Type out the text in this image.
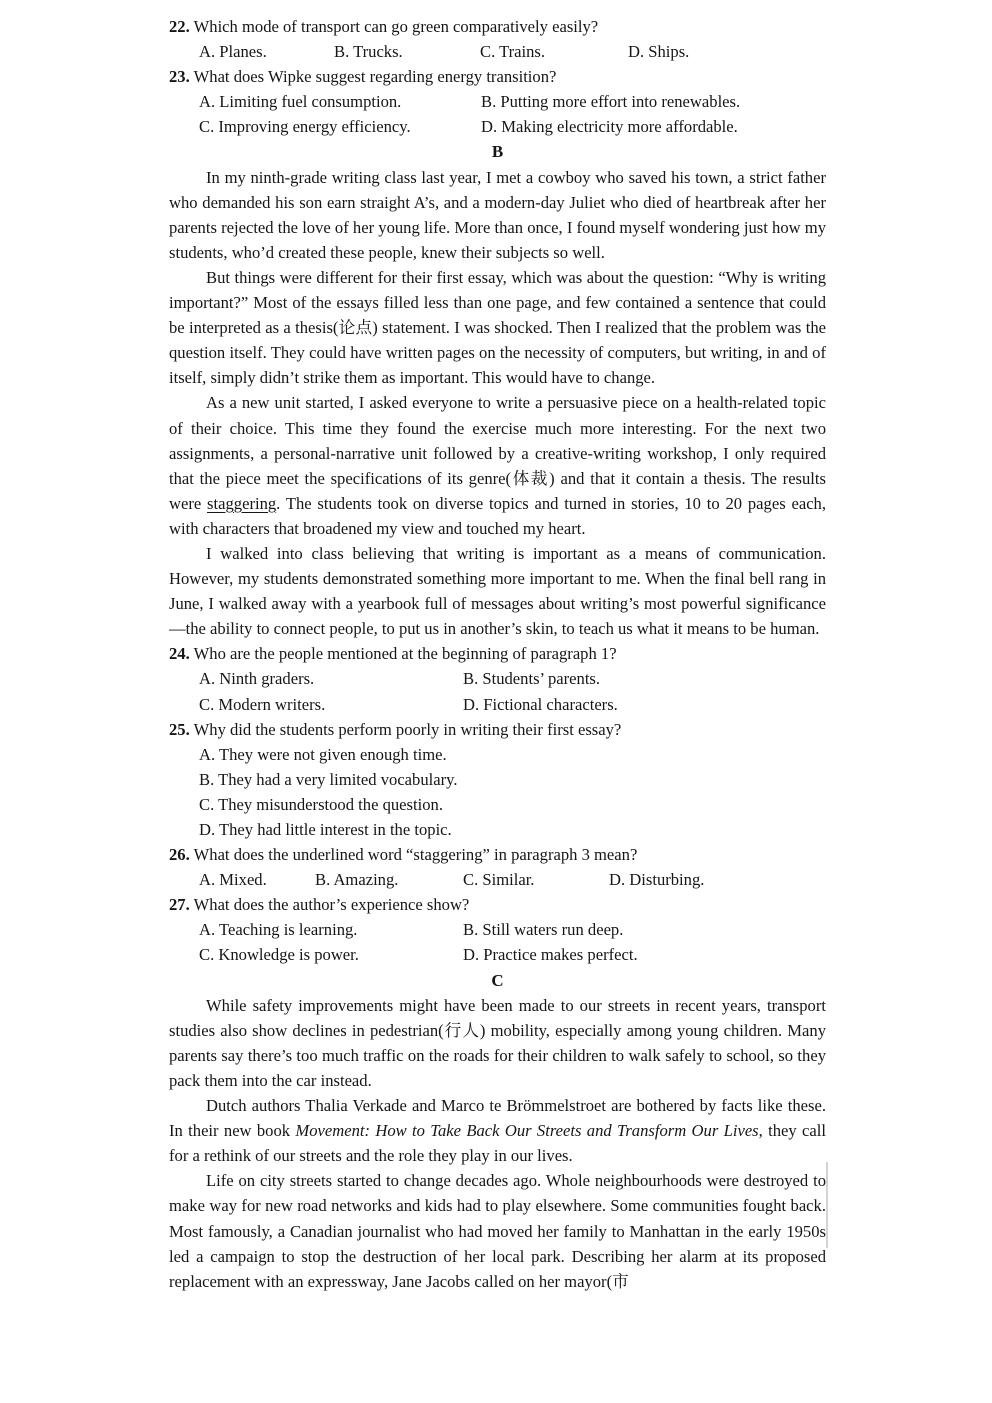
22. Which mode of transport can go green comparatively easily?
A. Planes.	B. Trucks.	C. Trains.	D. Ships.
23. What does Wipke suggest regarding energy transition?
A. Limiting fuel consumption.	B. Putting more effort into renewables.
C. Improving energy efficiency.	D. Making electricity more affordable.
B

In my ninth-grade writing class last year, I met a cowboy who saved his town, a strict father who demanded his son earn straight A’s, and a modern-day Juliet who died of heartbreak after her parents rejected the love of her young life. More than once, I found myself wondering just how my students, who’d created these people, knew their subjects so well.

But things were different for their first essay, which was about the question: “Why is writing important?” Most of the essays filled less than one page, and few contained a sentence that could be interpreted as a thesis(论点) statement. I was shocked. Then I realized that the problem was the question itself. They could have written pages on the necessity of computers, but writing, in and of itself, simply didn’t strike them as important. This would have to change.

As a new unit started, I asked everyone to write a persuasive piece on a health-related topic of their choice. This time they found the exercise much more interesting. For the next two assignments, a personal-narrative unit followed by a creative-writing workshop, I only required that the piece meet the specifications of its genre(体裁) and that it contain a thesis. The results were staggering. The students took on diverse topics and turned in stories, 10 to 20 pages each, with characters that broadened my view and touched my heart.

I walked into class believing that writing is important as a means of communication. However, my students demonstrated something more important to me. When the final bell rang in June, I walked away with a yearbook full of messages about writing’s most powerful significance—the ability to connect people, to put us in another’s skin, to teach us what it means to be human.

24. Who are the people mentioned at the beginning of paragraph 1?
A. Ninth graders.	B. Students’ parents.
C. Modern writers.	D. Fictional characters.
25. Why did the students perform poorly in writing their first essay?
A. They were not given enough time.
B. They had a very limited vocabulary.
C. They misunderstood the question.
D. They had little interest in the topic.
26. What does the underlined word “staggering” in paragraph 3 mean?
A. Mixed.	B. Amazing.	C. Similar.	D. Disturbing.
27. What does the author’s experience show?
A. Teaching is learning.	B. Still waters run deep.
C. Knowledge is power.	D. Practice makes perfect.
C

While safety improvements might have been made to our streets in recent years, transport studies also show declines in pedestrian(行人) mobility, especially among young children. Many parents say there’s too much traffic on the roads for their children to walk safely to school, so they pack them into the car instead.

Dutch authors Thalia Verkade and Marco te Brömmelstroet are bothered by facts like these. In their new book Movement: How to Take Back Our Streets and Transform Our Lives, they call for a rethink of our streets and the role they play in our lives.

Life on city streets started to change decades ago. Whole neighbourhoods were destroyed to make way for new road networks and kids had to play elsewhere. Some communities fought back. Most famously, a Canadian journalist who had moved her family to Manhattan in the early 1950s led a campaign to stop the destruction of her local park. Describing her alarm at its proposed replacement with an expressway, Jane Jacobs called on her mayor(市
